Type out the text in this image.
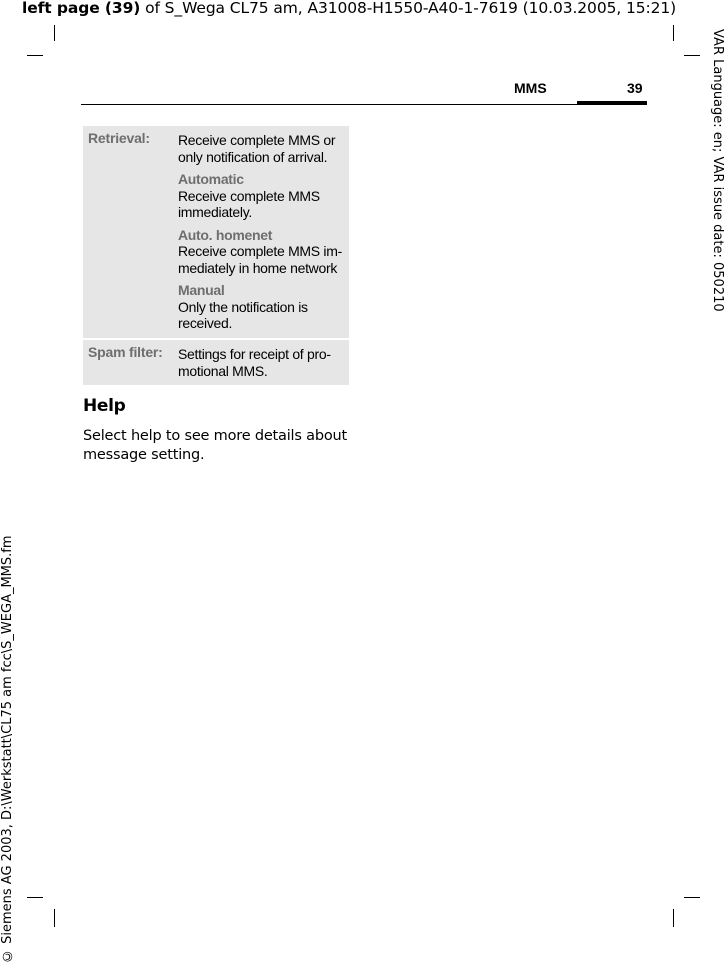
left page (39) of S_Wega CL75 am, A31008-H1550-A40-1-7619 (10.03.2005, 15:21)

VAR Language: en; VAR issue date: 050210
© Siemens AG 2003, D:\Werkstatt\CL75 am fcc\S_WEGA_MMS.fm
MMS	39
Retrieval:	Receive complete MMS or only notification of arrival.
Automatic
Receive complete MMS immediately.
Auto. homenet
Receive complete MMS im-mediately in home network
Manual
Only the notification is received.
Spam filter:	Settings for receipt of pro-motional MMS.
Help

Select help to see more details about message setting.
